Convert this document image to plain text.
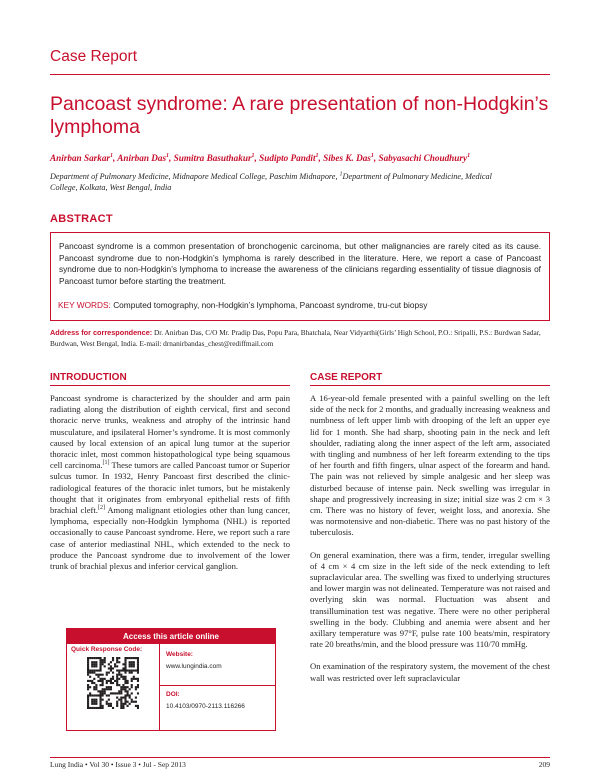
Case Report
Pancoast syndrome: A rare presentation of non-Hodgkin’s lymphoma
Anirban Sarkar$^1$, Anirban Das$^1$, Sumitra Basuthakur$^1$, Sudipto Pandit$^1$, Sibes K. Das$^1$, Sabyasachi Choudhury$^1$
Department of Pulmonary Medicine, Midnapore Medical College, Paschim Midnapore, $^1$Department of Pulmonary Medicine, Medical College, Kolkata, West Bengal, India
ABSTRACT

Pancoast syndrome is a common presentation of bronchogenic carcinoma, but other malignancies are rarely cited as its cause. Pancoast syndrome due to non-Hodgkin’s lymphoma is rarely described in the literature. Here, we report a case of Pancoast syndrome due to non-Hodgkin’s lymphoma to increase the awareness of the clinicians regarding essentiality of tissue diagnosis of Pancoast tumor before starting the treatment.

KEY WORDS: Computed tomography, non-Hodgkin’s lymphoma, Pancoast syndrome, tru-cut biopsy
Address for correspondence: Dr. Anirban Das, C/O Mr. Pradip Das, Popu Para, Bhatchala, Near Vidyarthi(Girls’ High School, P.O.: Sripalli, P.S.: Burdwan Sadar, Burdwan, West Bengal, India. E-mail: drnanirbandas_chest@rediffmail.com
INTRODUCTION

Pancoast syndrome is characterized by the shoulder and arm pain radiating along the distribution of eighth cervical, first and second thoracic nerve trunks, weakness and atrophy of the intrinsic hand musculature, and ipsilateral Horner’s syndrome. It is most commonly caused by local extension of an apical lung tumor at the superior thoracic inlet, most common histopathological type being squamous cell carcinoma.[1] These tumors are called Pancoast tumor or Superior sulcus tumor. In 1932, Henry Pancoast first described the clinic-radiological features of the thoracic inlet tumors, but he mistakenly thought that it originates from embryonal epithelial rests of fifth brachial cleft.[2] Among malignant etiologies other than lung cancer, lymphoma, especially non-Hodgkin lymphoma (NHL) is reported occasionally to cause Pancoast syndrome. Here, we report such a rare case of anterior mediastinal NHL, which extended to the neck to produce the Pancoast syndrome due to involvement of the lower trunk of brachial plexus and inferior cervical ganglion.

CASE REPORT

A 16-year-old female presented with a painful swelling on the left side of the neck for 2 months, and gradually increasing weakness and numbness of left upper limb with drooping of the left an upper eye lid for 1 month. She had sharp, shooting pain in the neck and left shoulder, radiating along the inner aspect of the left arm, associated with tingling and numbness of her left forearm extending to the tips of her fourth and fifth fingers, ulnar aspect of the forearm and hand. The pain was not relieved by simple analgesic and her sleep was disturbed because of intense pain. Neck swelling was irregular in shape and progressively increasing in size; initial size was 2 cm × 3 cm. There was no history of fever, weight loss, and anorexia. She was normotensive and non-diabetic. There was no past history of the tuberculosis.

On general examination, there was a firm, tender, irregular swelling of 4 cm × 4 cm size in the left side of the neck extending to left supraclavicular area. The swelling was fixed to underlying structures and lower margin was not delineated. Temperature was not raised and overlying skin was normal. Fluctuation was absent and transillumination test was negative. There were no other peripheral swelling in the body. Clubbing and anemia were absent and her axillary temperature was 97°F, pulse rate 100 beats/min, respiratory rate 20 breaths/min, and the blood pressure was 110/70 mmHg.

On examination of the respiratory system, the movement of the chest wall was restricted over left supraclavicular

Access this article online
Quick Response Code:
Website:
www.lungindia.com
DOI:
10.4103/0970-2113.116266
Lung India • Vol 30 • Issue 3 • Jul - Sep 2013	209
